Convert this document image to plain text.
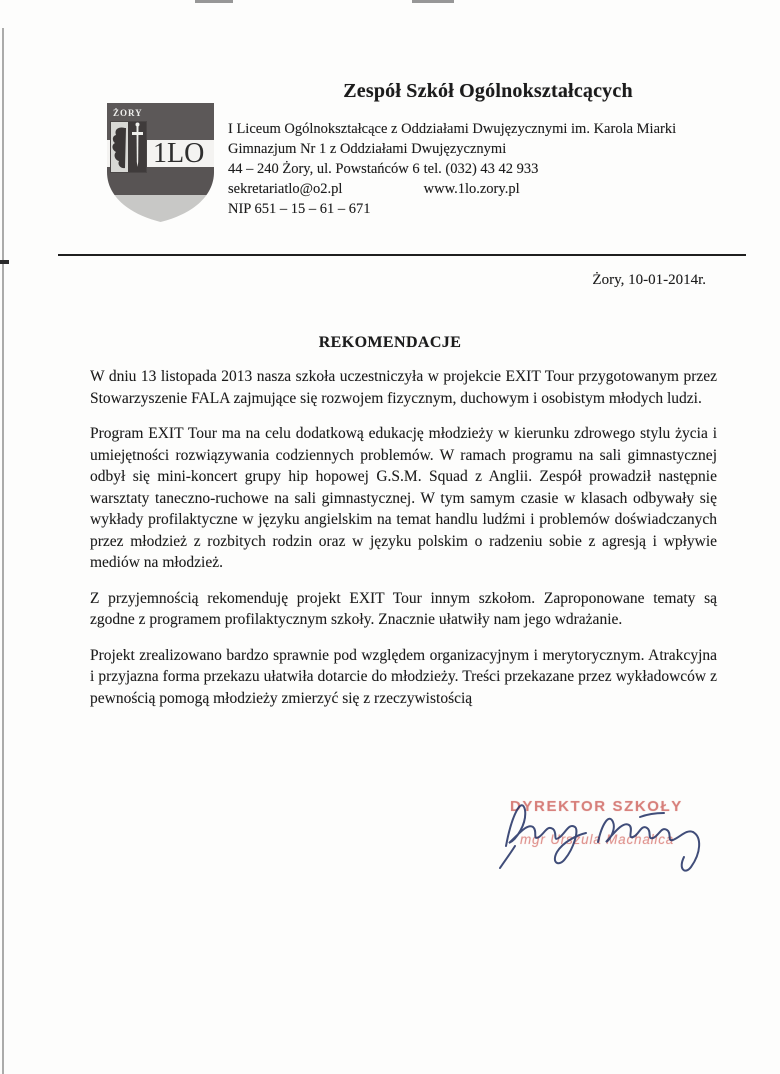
ŻORY
1LO
Zespół Szkół Ogólnokształcących
I Liceum Ogólnokształcące z Oddziałami Dwujęzycznymi im. Karola Miarki
Gimnazjum Nr 1 z Oddziałami Dwujęzycznymi
44 – 240 Żory, ul. Powstańców 6 tel. (032) 43 42 933
sekretariatlo@o2.pl	www.1lo.zory.pl
NIP 651 – 15 – 61 – 671
Żory, 10-01-2014r.
REKOMENDACJE

W dniu 13 listopada 2013 nasza szkoła uczestniczyła w projekcie EXIT Tour przygotowanym przez Stowarzyszenie FALA zajmujące się rozwojem fizycznym, duchowym i osobistym młodych ludzi.

Program EXIT Tour ma na celu dodatkową edukację młodzieży w kierunku zdrowego stylu życia i umiejętności rozwiązywania codziennych problemów. W ramach programu na sali gimnastycznej odbył się mini-koncert grupy hip hopowej G.S.M. Squad z Anglii. Zespół prowadził następnie warsztaty taneczno-ruchowe na sali gimnastycznej. W tym samym czasie w klasach odbywały się wykłady profilaktyczne w języku angielskim na temat handlu ludźmi i problemów doświadczanych przez młodzież z rozbitych rodzin oraz w języku polskim o radzeniu sobie z agresją i wpływie mediów na młodzież.

Z przyjemnością rekomenduję projekt EXIT Tour innym szkołom. Zaproponowane tematy są zgodne z programem profilaktycznym szkoły. Znacznie ułatwiły nam jego wdrażanie.

Projekt zrealizowano bardzo sprawnie pod względem organizacyjnym i merytorycznym. Atrakcyjna i przyjazna forma przekazu ułatwiła dotarcie do młodzieży. Treści przekazane przez wykładowców z pewnością pomogą młodzieży zmierzyć się z rzeczywistością

DYREKTOR SZKOŁY
mgr Urszula Machalica
